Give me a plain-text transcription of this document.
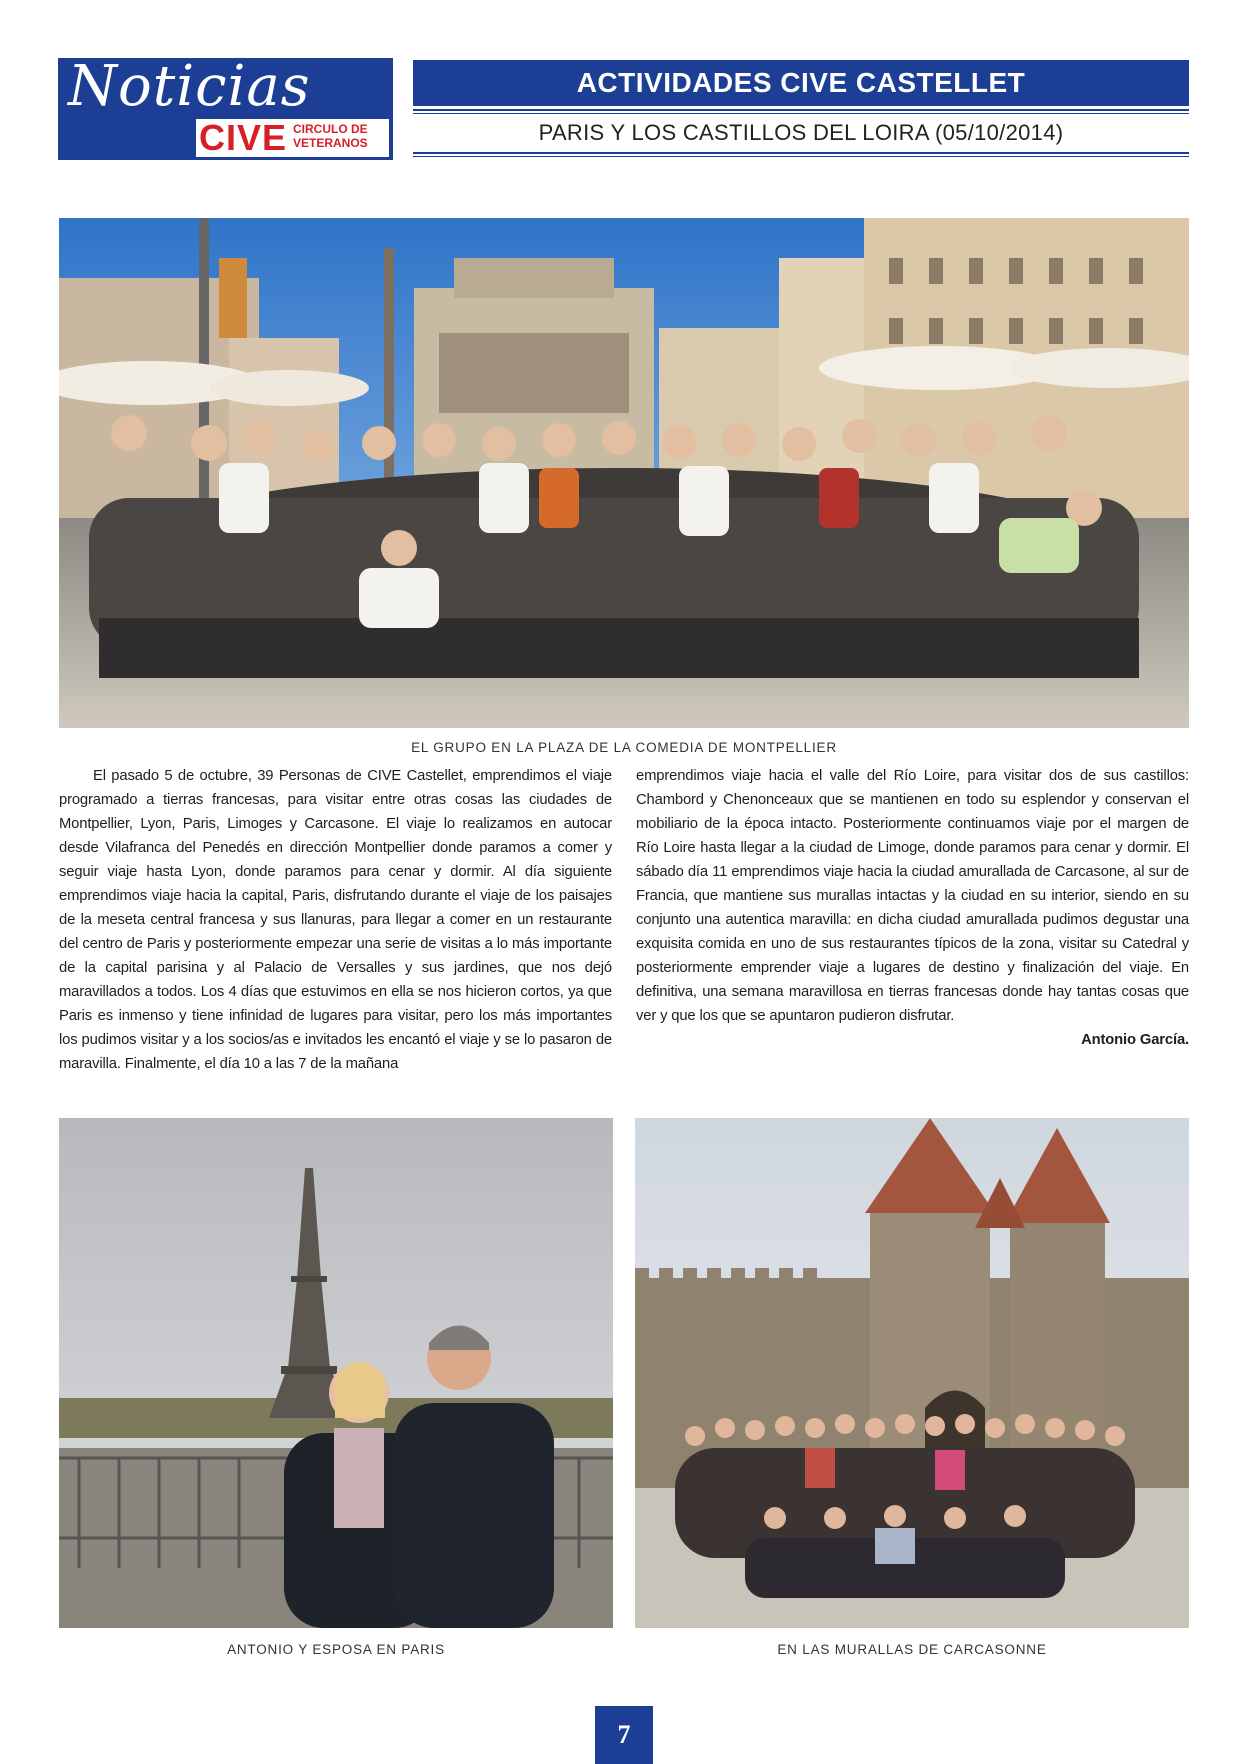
Noticias
CIVE CIRCULO DE VETERANOS
ACTIVIDADES CIVE CASTELLET
PARIS Y LOS CASTILLOS DEL LOIRA (05/10/2014)
EL GRUPO EN LA PLAZA DE LA COMEDIA DE MONTPELLIER

El pasado 5 de octubre, 39 Personas de CIVE Castellet, emprendimos el viaje programado a tierras francesas, para visitar entre otras cosas las ciudades de Montpellier, Lyon, Paris, Limoges y Carcasone. El viaje lo realizamos en autocar desde Vilafranca del Penedés en dirección Montpellier donde paramos a comer y seguir viaje hasta Lyon, donde paramos para cenar y dormir. Al día siguiente emprendimos viaje hacia la capital, Paris, disfrutando durante el viaje de los paisajes de la meseta central francesa y sus llanuras, para llegar a comer en un restaurante del centro de Paris y posteriormente empezar una serie de visitas a lo más importante de la capital parisina y al Palacio de Versalles y sus jardines, que nos dejó maravillados a todos. Los 4 días que estuvimos en ella se nos hicieron cortos, ya que Paris es inmenso y tiene infinidad de lugares para visitar, pero los más importantes los pudimos visitar y a los socios/as e invitados les encantó el viaje y se lo pasaron de maravilla. Finalmente, el día 10 a las 7 de la mañana

emprendimos viaje hacia el valle del Río Loire, para visitar dos de sus castillos: Chambord y Chenonceaux que se mantienen en todo su esplendor y conservan el mobiliario de la época intacto. Posteriormente continuamos viaje por el margen de Río Loire hasta llegar a la ciudad de Limoge, donde paramos para cenar y dormir. El sábado día 11 emprendimos viaje hacia la ciudad amurallada de Carcasone, al sur de Francia, que mantiene sus murallas intactas y la ciudad en su interior, siendo en su conjunto una autentica maravilla: en dicha ciudad amurallada pudimos degustar una exquisita comida en uno de sus restaurantes típicos de la zona, visitar su Catedral y posteriormente emprender viaje a lugares de destino y finalización del viaje. En definitiva, una semana maravillosa en tierras francesas donde hay tantas cosas que ver y que los que se apuntaron pudieron disfrutar.

Antonio García.
ANTONIO Y ESPOSA EN PARIS	EN LAS MURALLAS DE CARCASONNE
7
